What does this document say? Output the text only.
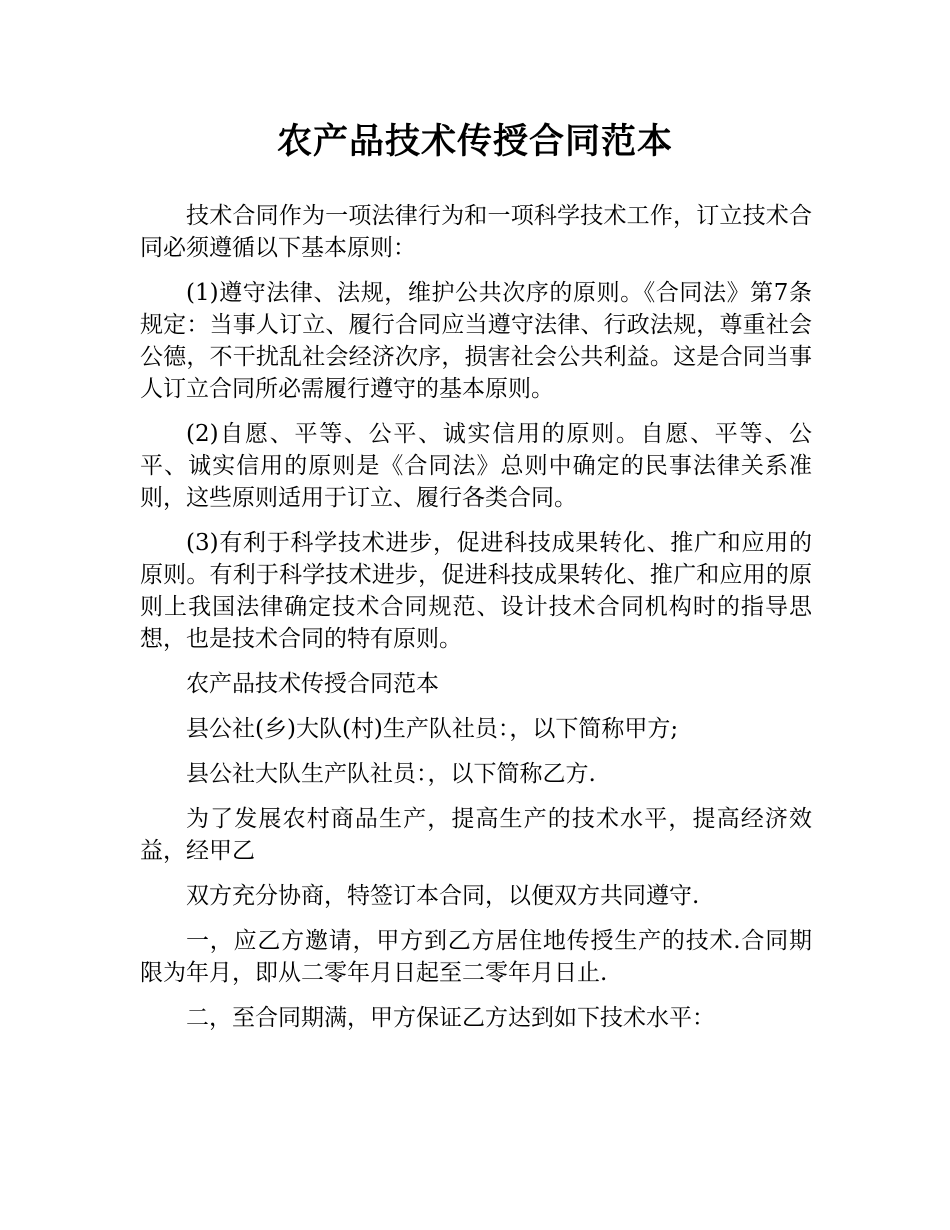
农产品技术传授合同范本

技术合同作为一项法律行为和一项科学技术工作，订立技术合同必须遵循以下基本原则：

(1)遵守法律、法规，维护公共次序的原则。《合同法》第7条规定：当事人订立、履行合同应当遵守法律、行政法规，尊重社会公德，不干扰乱社会经济次序，损害社会公共利益。这是合同当事人订立合同所必需履行遵守的基本原则。

(2)自愿、平等、公平、诚实信用的原则。自愿、平等、公平、诚实信用的原则是《合同法》总则中确定的民事法律关系准则，这些原则适用于订立、履行各类合同。

(3)有利于科学技术进步，促进科技成果转化、推广和应用的原则。有利于科学技术进步，促进科技成果转化、推广和应用的原则上我国法律确定技术合同规范、设计技术合同机构时的指导思想，也是技术合同的特有原则。

农产品技术传授合同范本

县公社(乡)大队(村)生产队社员：，以下简称甲方;

县公社大队生产队社员：，以下简称乙方.

为了发展农村商品生产，提高生产的技术水平，提高经济效益，经甲乙

双方充分协商，特签订本合同，以便双方共同遵守.

一，应乙方邀请，甲方到乙方居住地传授生产的技术.合同期限为年月，即从二零年月日起至二零年月日止.

二，至合同期满，甲方保证乙方达到如下技术水平：
